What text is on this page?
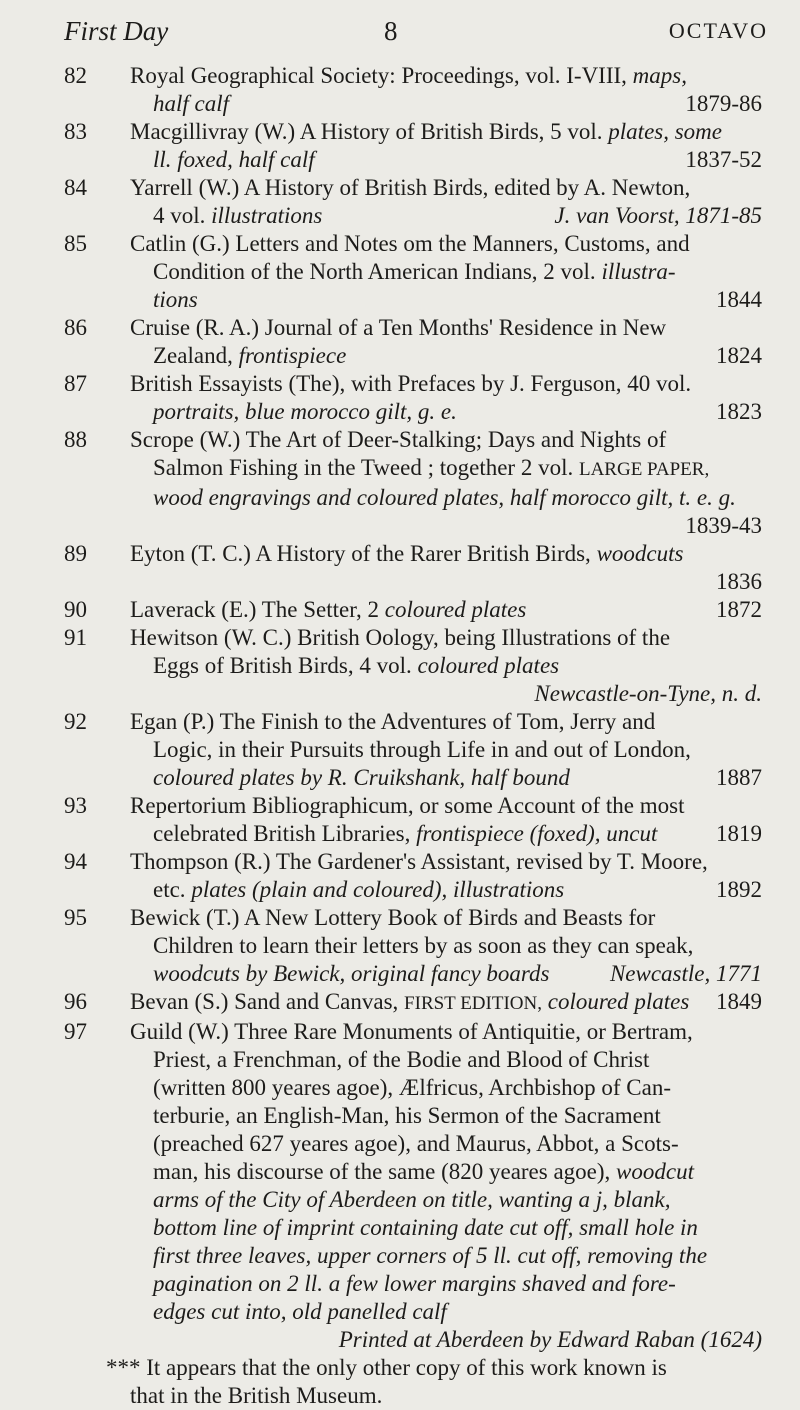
First Day	8	OCTAVO
82	Royal Geographical Society: Proceedings, vol. I-VIII, maps,
half calf	1879-86
83	Macgillivray (W.) A History of British Birds, 5 vol. plates, some
ll. foxed, half calf	1837-52
84	Yarrell (W.) A History of British Birds, edited by A. Newton,
4 vol. illustrations	J. van Voorst, 1871-85
85	Catlin (G.) Letters and Notes om the Manners, Customs, and
Condition of the North American Indians, 2 vol. illustra-
tions	1844
86	Cruise (R. A.) Journal of a Ten Months' Residence in New
Zealand, frontispiece	1824
87	British Essayists (The), with Prefaces by J. Ferguson, 40 vol.
portraits, blue morocco gilt, g. e.	1823
88	Scrope (W.) The Art of Deer-Stalking; Days and Nights of
Salmon Fishing in the Tweed ; together 2 vol. LARGE PAPER,
wood engravings and coloured plates, half morocco gilt, t. e. g.
1839-43

89	Eyton (T. C.) A History of the Rarer British Birds, woodcuts
1836

90	Laverack (E.) The Setter, 2 coloured plates	1872
91	Hewitson (W. C.) British Oology, being Illustrations of the
Eggs of British Birds, 4 vol. coloured plates
Newcastle-on-Tyne, n. d.

92	Egan (P.) The Finish to the Adventures of Tom, Jerry and
Logic, in their Pursuits through Life in and out of London,
coloured plates by R. Cruikshank, half bound	1887
93	Repertorium Bibliographicum, or some Account of the most
celebrated British Libraries, frontispiece (foxed), uncut	1819
94	Thompson (R.) The Gardener's Assistant, revised by T. Moore,
etc. plates (plain and coloured), illustrations	1892
95	Bewick (T.) A New Lottery Book of Birds and Beasts for
Children to learn their letters by as soon as they can speak,
woodcuts by Bewick, original fancy boards	Newcastle, 1771
96	Bevan (S.) Sand and Canvas, FIRST EDITION, coloured plates 1849
97	Guild (W.) Three Rare Monuments of Antiquitie, or Bertram,
Priest, a Frenchman, of the Bodie and Blood of Christ
(written 800 yeares agoe), Ælfricus, Archbishop of Can-
terburie, an English-Man, his Sermon of the Sacrament
(preached 627 yeares agoe), and Maurus, Abbot, a Scots-
man, his discourse of the same (820 yeares agoe), woodcut
arms of the City of Aberdeen on title, wanting a j, blank,
bottom line of imprint containing date cut off, small hole in
first three leaves, upper corners of 5 ll. cut off, removing the
pagination on 2 ll. a few lower margins shaved and fore-
edges cut into, old panelled calf
Printed at Aberdeen by Edward Raban (1624)

*** It appears that the only other copy of this work known is
that in the British Museum.
